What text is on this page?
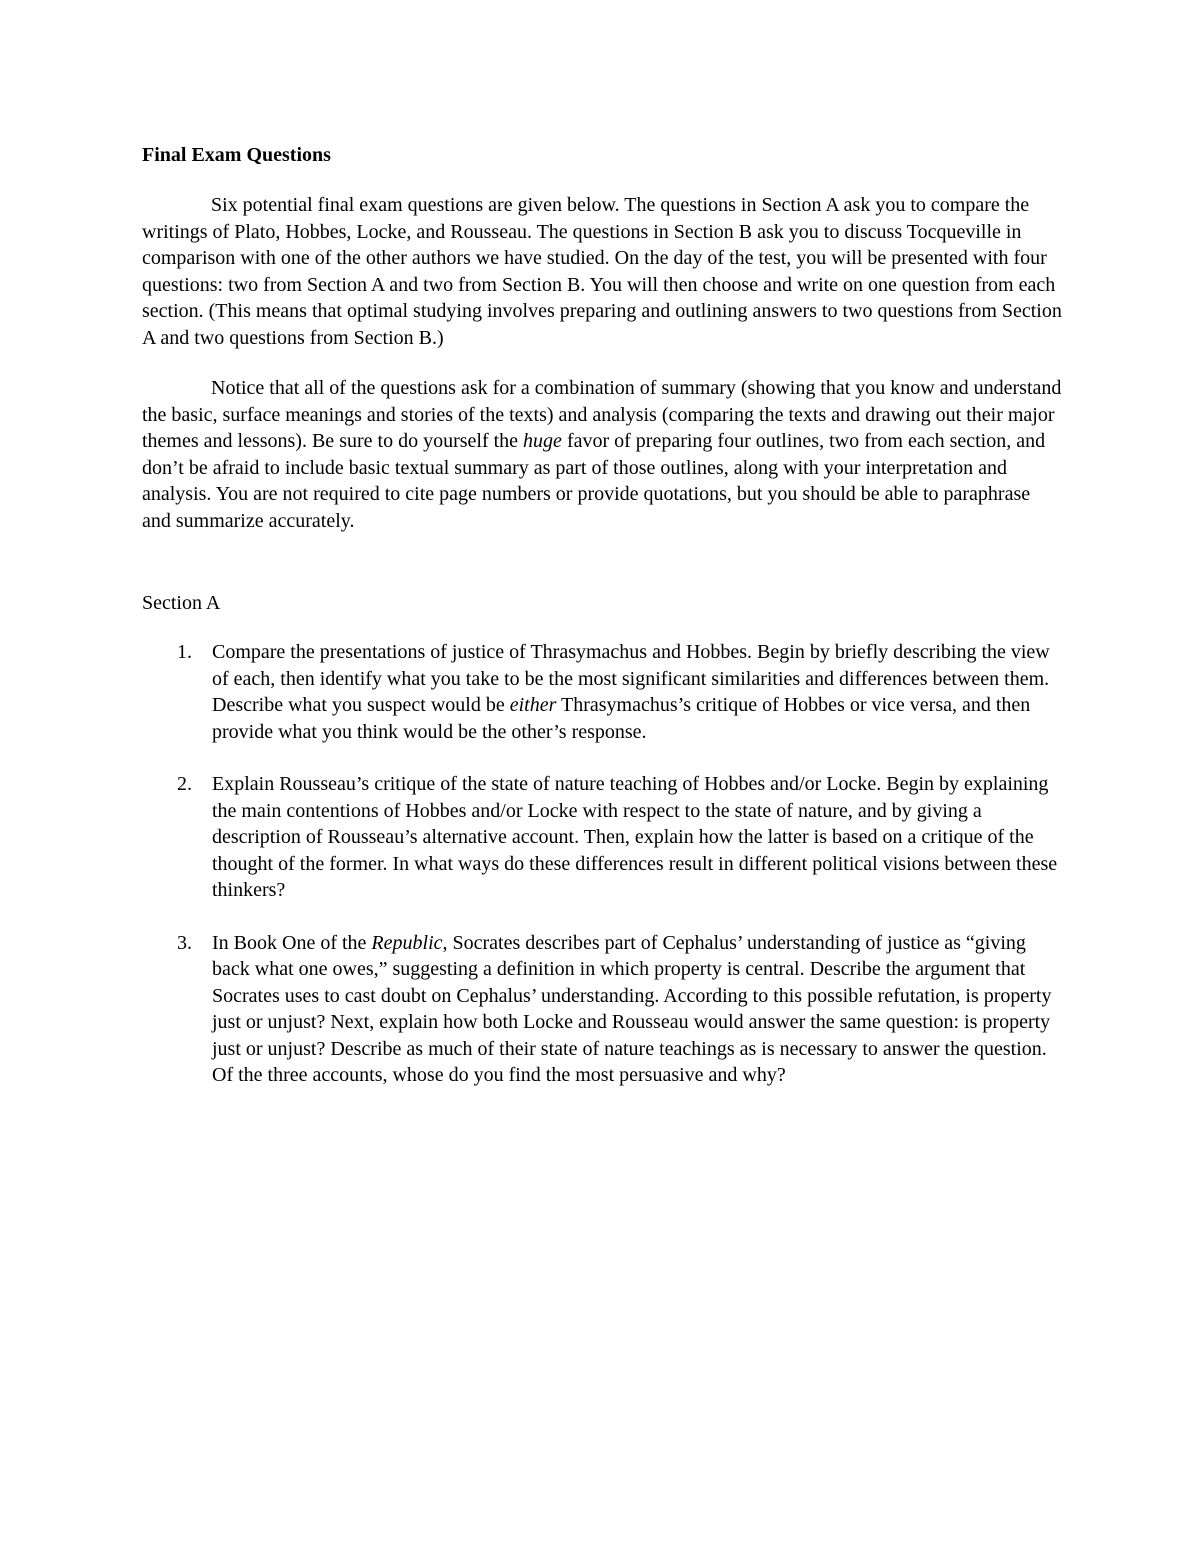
Final Exam Questions

Six potential final exam questions are given below. The questions in Section A ask you to compare the writings of Plato, Hobbes, Locke, and Rousseau. The questions in Section B ask you to discuss Tocqueville in comparison with one of the other authors we have studied. On the day of the test, you will be presented with four questions: two from Section A and two from Section B. You will then choose and write on one question from each section. (This means that optimal studying involves preparing and outlining answers to two questions from Section A and two questions from Section B.)

Notice that all of the questions ask for a combination of summary (showing that you know and understand the basic, surface meanings and stories of the texts) and analysis (comparing the texts and drawing out their major themes and lessons). Be sure to do yourself the huge favor of preparing four outlines, two from each section, and don’t be afraid to include basic textual summary as part of those outlines, along with your interpretation and analysis. You are not required to cite page numbers or provide quotations, but you should be able to paraphrase and summarize accurately.

Section A
1. Compare the presentations of justice of Thrasymachus and Hobbes. Begin by briefly describing the view of each, then identify what you take to be the most significant similarities and differences between them. Describe what you suspect would be either Thrasymachus’s critique of Hobbes or vice versa, and then provide what you think would be the other’s response.
2. Explain Rousseau’s critique of the state of nature teaching of Hobbes and/or Locke. Begin by explaining the main contentions of Hobbes and/or Locke with respect to the state of nature, and by giving a description of Rousseau’s alternative account. Then, explain how the latter is based on a critique of the thought of the former. In what ways do these differences result in different political visions between these thinkers?
3. In Book One of the Republic, Socrates describes part of Cephalus’ understanding of justice as “giving back what one owes,” suggesting a definition in which property is central. Describe the argument that Socrates uses to cast doubt on Cephalus’ understanding. According to this possible refutation, is property just or unjust? Next, explain how both Locke and Rousseau would answer the same question: is property just or unjust? Describe as much of their state of nature teachings as is necessary to answer the question. Of the three accounts, whose do you find the most persuasive and why?
